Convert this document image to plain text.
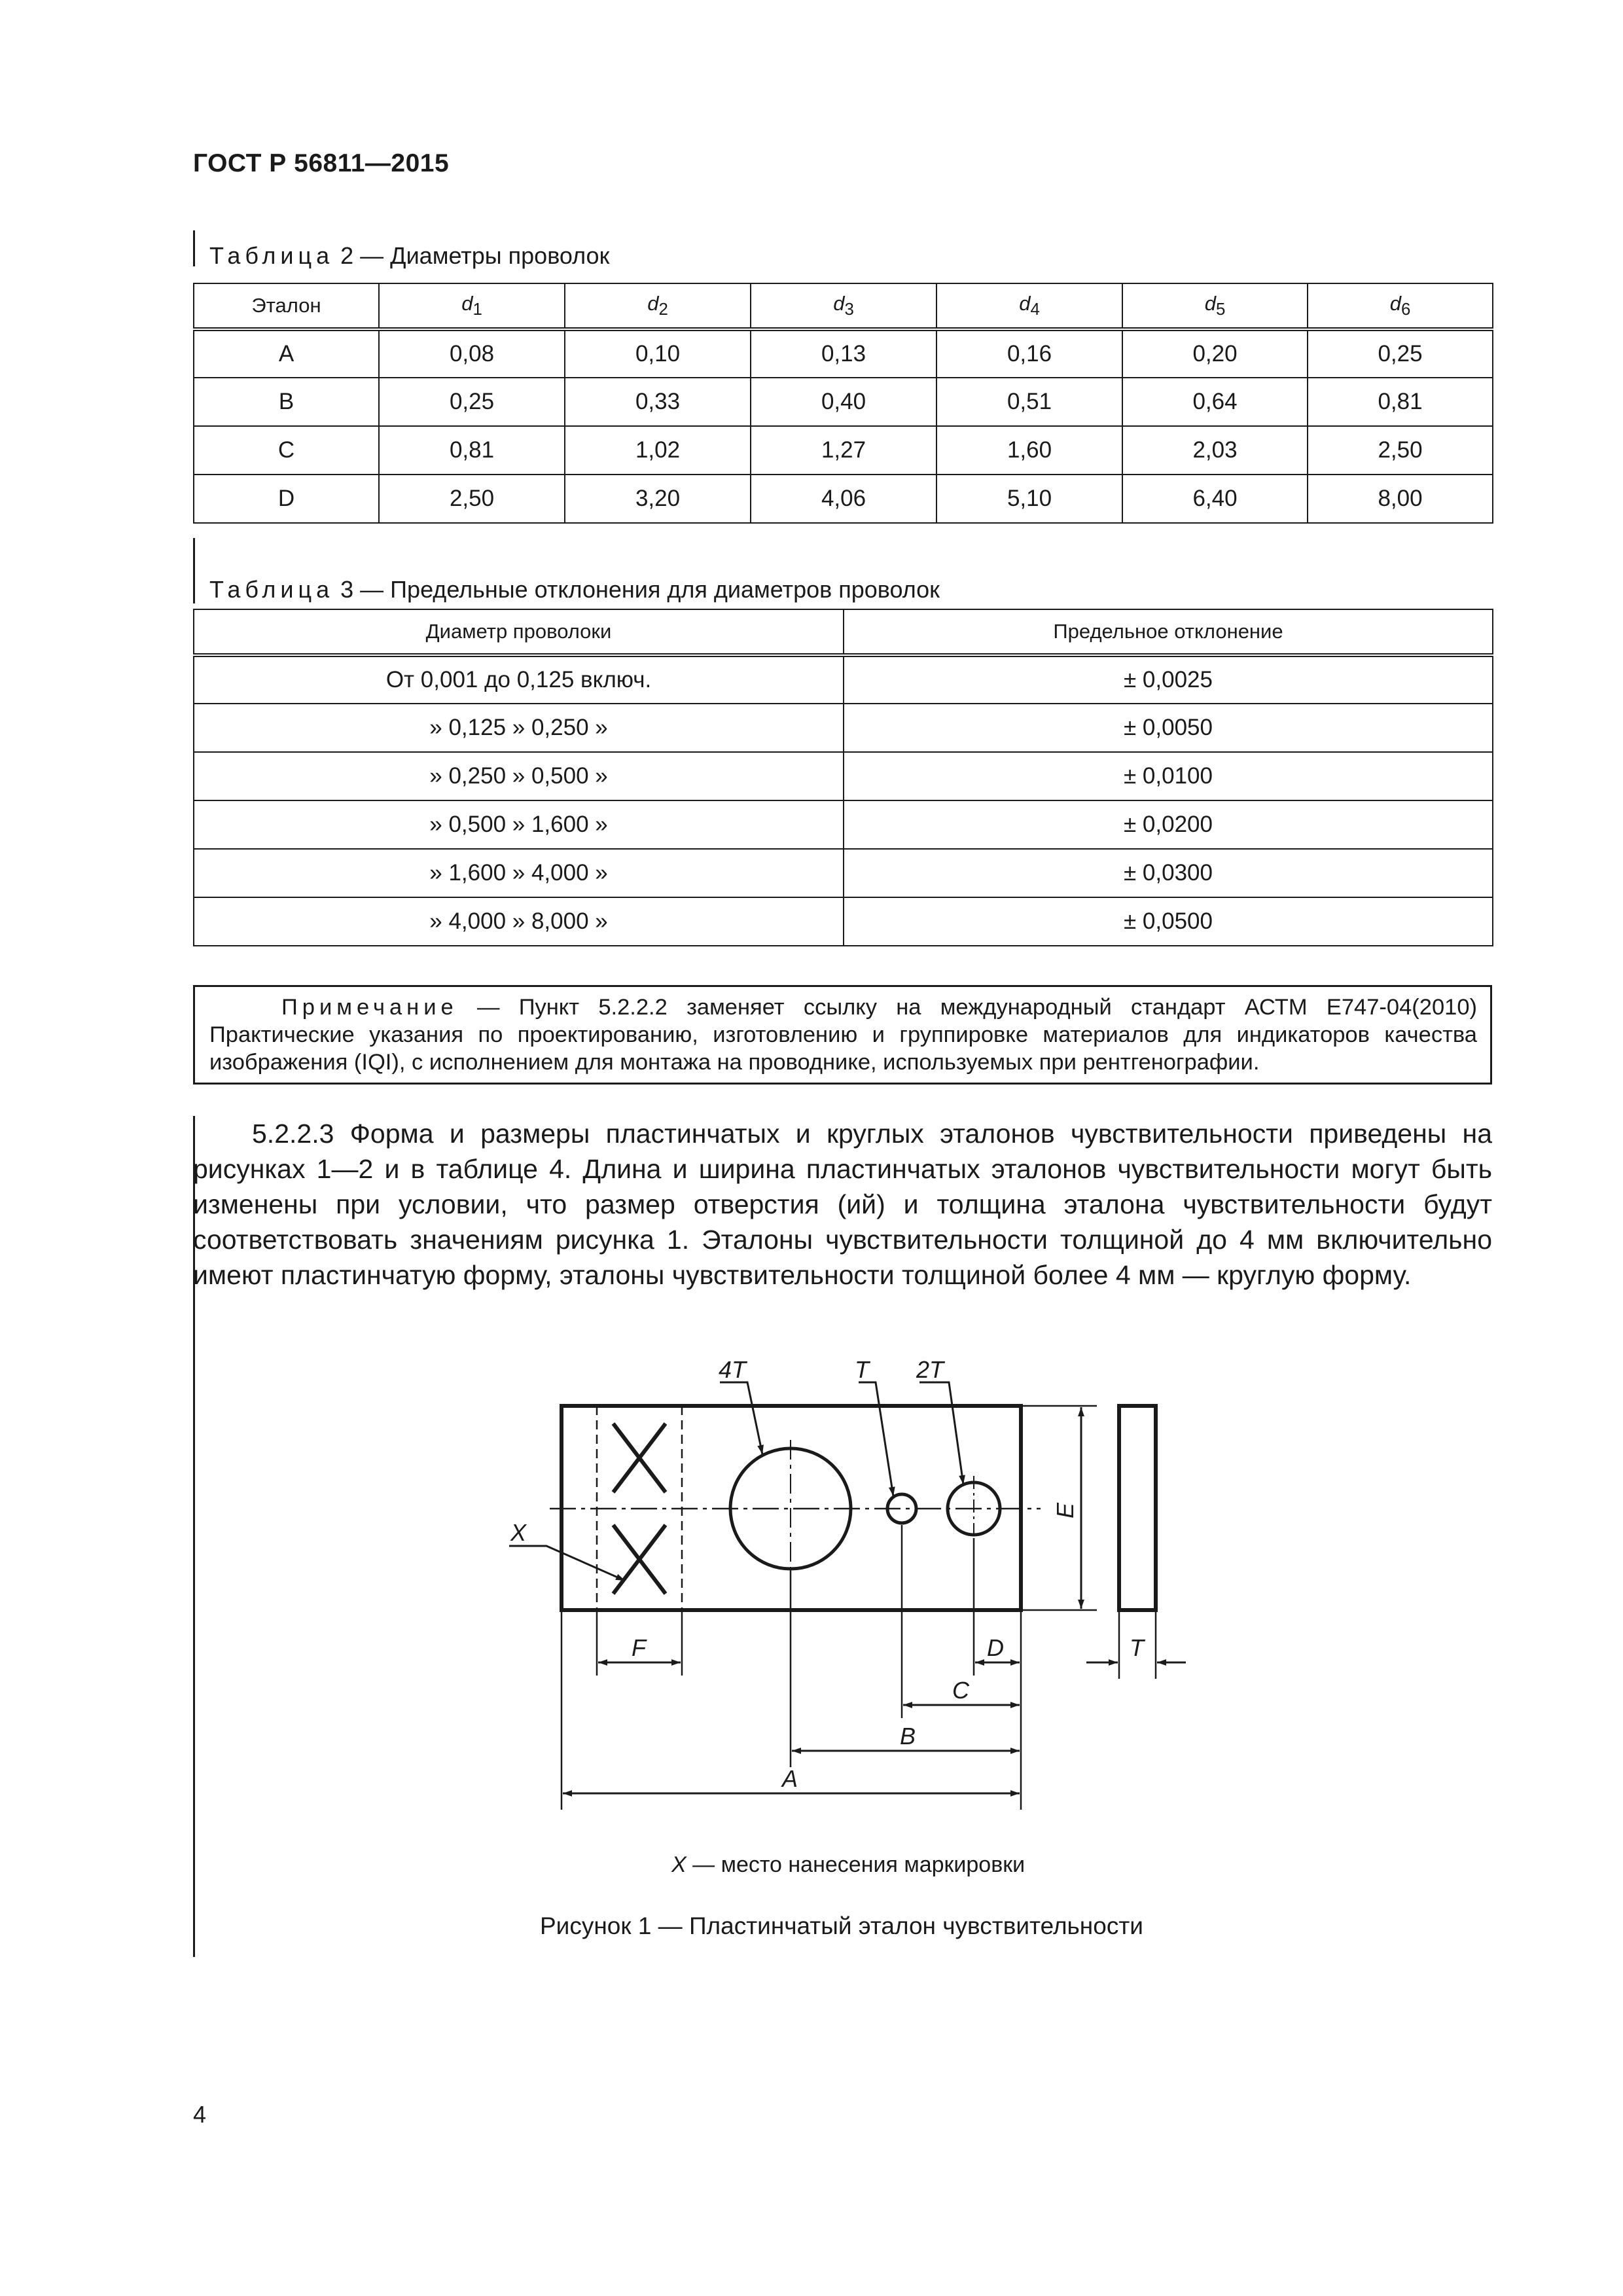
ГОСТ Р 56811—2015
Таблица 2 — Диаметры проволок
Эталон	$d_1$	$d_2$	$d_3$	$d_4$	$d_5$	$d_6$
A	0,08	0,10	0,13	0,16	0,20	0,25
B	0,25	0,33	0,40	0,51	0,64	0,81
C	0,81	1,02	1,27	1,60	2,03	2,50
D	2,50	3,20	4,06	5,10	6,40	8,00
Таблица 3 — Предельные отклонения для диаметров проволок
Диаметр проволоки	Предельное отклонение
От 0,001 до 0,125 включ.	± 0,0025
» 0,125 » 0,250 »	± 0,0050
» 0,250 » 0,500 »	± 0,0100
» 0,500 » 1,600 »	± 0,0200
» 1,600 » 4,000 »	± 0,0300
» 4,000 » 8,000 »	± 0,0500
Примечание — Пункт 5.2.2.2 заменяет ссылку на международный стандарт АСТМ Е747-04(2010) Практические указания по проектированию, изготовлению и группировке материалов для индикаторов качества изображения (IQI), с исполнением для монтажа на проводнике, используемых при рентгенографии.

5.2.2.3 Форма и размеры пластинчатых и круглых эталонов чувствительности приведены на рисунках 1—2 и в таблице 4. Длина и ширина пластинчатых эталонов чувствительности могут быть изменены при условии, что размер отверстия (ий) и толщина эталона чувствительности будут соответствовать значениям рисунка 1. Эталоны чувствительности толщиной до 4 мм включительно имеют пластинчатую форму, эталоны чувствительности толщиной более 4 мм — круглую форму.

4T	T 2T
X
E
F	D	T
C
B
A
X — место нанесения маркировки
Рисунок 1 — Пластинчатый эталон чувствительности
4
